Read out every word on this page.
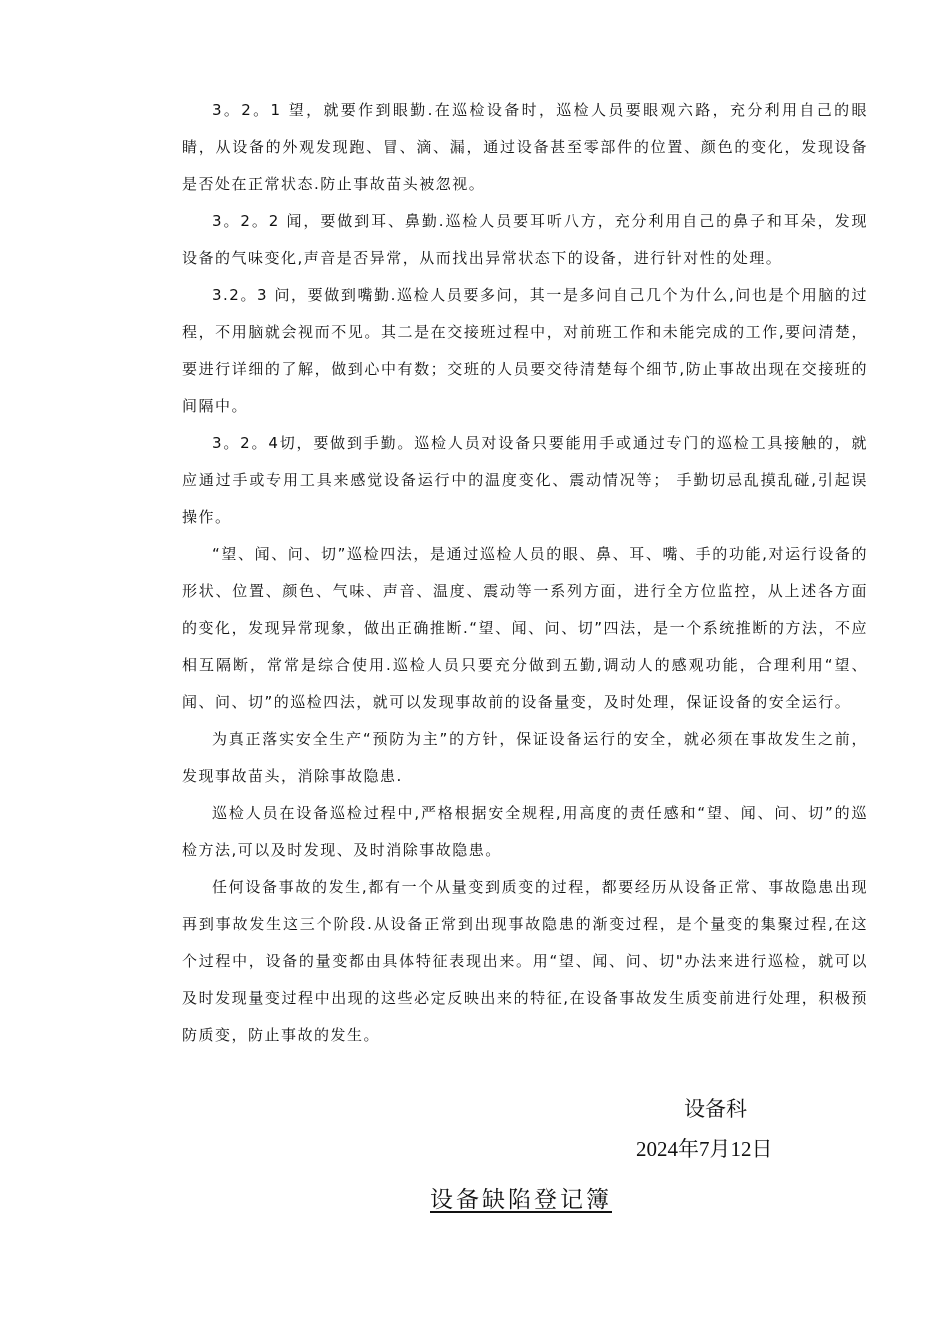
3。2。1 望，就要作到眼勤.在巡检设备时，巡检人员要眼观六路，充分利用自己的眼睛，从设备的外观发现跑、冒、滴、漏，通过设备甚至零部件的位置、颜色的变化，发现设备是否处在正常状态.防止事故苗头被忽视。

3。2。2 闻，要做到耳、鼻勤.巡检人员要耳听八方，充分利用自己的鼻子和耳朵，发现设备的气味变化,声音是否异常，从而找出异常状态下的设备，进行针对性的处理。

3.2。3 问，要做到嘴勤.巡检人员要多问，其一是多问自己几个为什么,问也是个用脑的过程，不用脑就会视而不见。其二是在交接班过程中，对前班工作和未能完成的工作,要问清楚，要进行详细的了解，做到心中有数；交班的人员要交待清楚每个细节,防止事故出现在交接班的间隔中。

3。2。4切，要做到手勤。巡检人员对设备只要能用手或通过专门的巡检工具接触的，就应通过手或专用工具来感觉设备运行中的温度变化、震动情况等； 手勤切忌乱摸乱碰,引起误操作。

“望、闻、问、切”巡检四法，是通过巡检人员的眼、鼻、耳、嘴、手的功能,对运行设备的形状、位置、颜色、气味、声音、温度、震动等一系列方面，进行全方位监控，从上述各方面的变化，发现异常现象，做出正确推断.“望、闻、问、切”四法，是一个系统推断的方法，不应相互隔断，常常是综合使用.巡检人员只要充分做到五勤,调动人的感观功能，合理利用“望、闻、问、切”的巡检四法，就可以发现事故前的设备量变，及时处理，保证设备的安全运行。

为真正落实安全生产“预防为主”的方针，保证设备运行的安全，就必须在事故发生之前，发现事故苗头，消除事故隐患.

巡检人员在设备巡检过程中,严格根据安全规程,用高度的责任感和“望、闻、问、切”的巡检方法,可以及时发现、及时消除事故隐患。

任何设备事故的发生,都有一个从量变到质变的过程，都要经历从设备正常、事故隐患出现再到事故发生这三个阶段.从设备正常到出现事故隐患的渐变过程，是个量变的集聚过程,在这个过程中，设备的量变都由具体特征表现出来。用“望、闻、问、切"办法来进行巡检，就可以及时发现量变过程中出现的这些必定反映出来的特征,在设备事故发生质变前进行处理，积极预防质变，防止事故的发生。

设备科
2024年7月12日
设备缺陷登记簿
